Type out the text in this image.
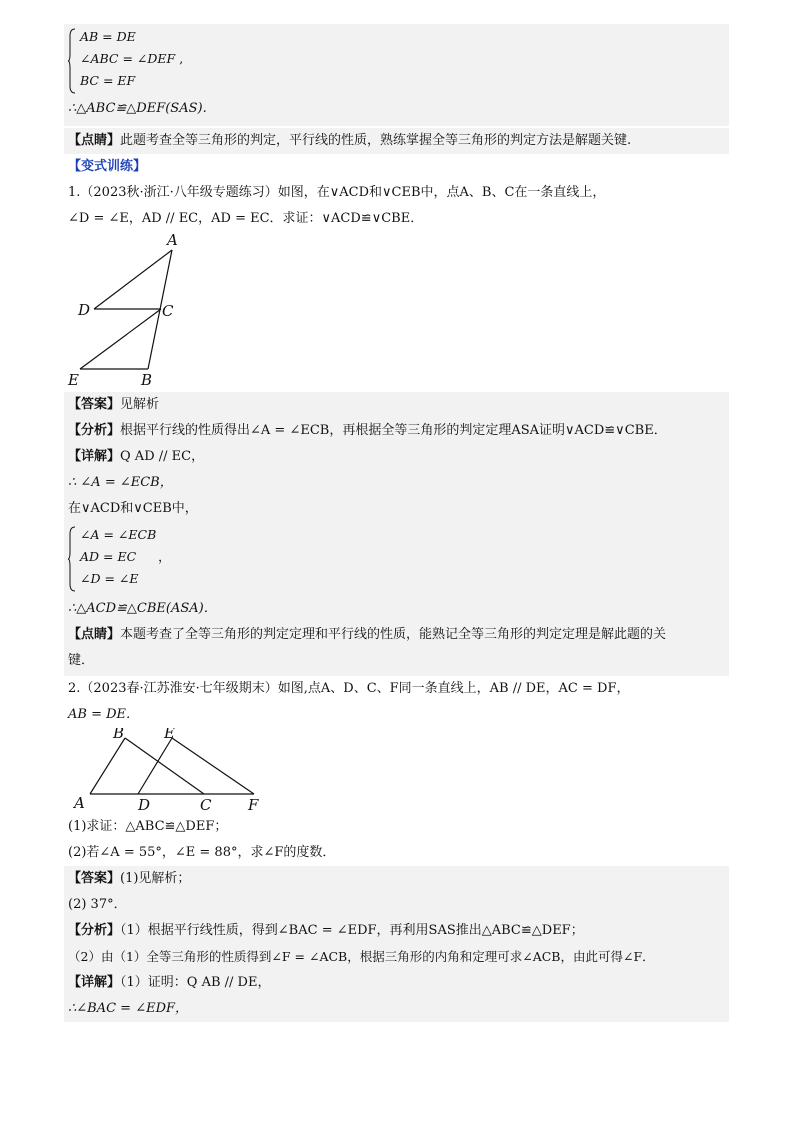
AB = DE
∠ABC = ∠DEF ,
BC = EF
∴△ABC≌△DEF(SAS).
【点睛】此题考查全等三角形的判定，平行线的性质，熟练掌握全等三角形的判定方法是解题关键.
【变式训练】
1.（2023秋·浙江·八年级专题练习）如图，在∨ACD和∨CEB中，点A、B、C在一条直线上，
∠D = ∠E，AD // EC，AD = EC．求证：∨ACD≌∨CBE．
A
D	C
E	B
【答案】见解析
【分析】根据平行线的性质得出∠A = ∠ECB，再根据全等三角形的判定定理ASA证明∨ACD≌∨CBE．
【详解】Q AD // EC，
∴ ∠A = ∠ECB，
在∨ACD和∨CEB中，
∠A = ∠ECB
AD = EC ，
∠D = ∠E
∴△ACD≌△CBE(ASA)．
【点睛】本题考查了全等三角形的判定定理和平行线的性质，能熟记全等三角形的判定定理是解此题的关
键．
2.（2023春·江苏淮安·七年级期末）如图,点A、D、C、F同一条直线上，AB // DE，AC = DF，
AB = DE．
B	E
A	D	C F
(1)求证：△ABC≌△DEF；
(2)若∠A = 55°，∠E = 88°，求∠F的度数．
【答案】(1)见解析；
(2) 37°．
【分析】（1）根据平行线性质，得到∠BAC = ∠EDF，再利用SAS推出△ABC≌△DEF；
（2）由（1）全等三角形的性质得到∠F = ∠ACB，根据三角形的内角和定理可求∠ACB，由此可得∠F．
【详解】（1）证明：Q AB // DE，
∴∠BAC = ∠EDF，
